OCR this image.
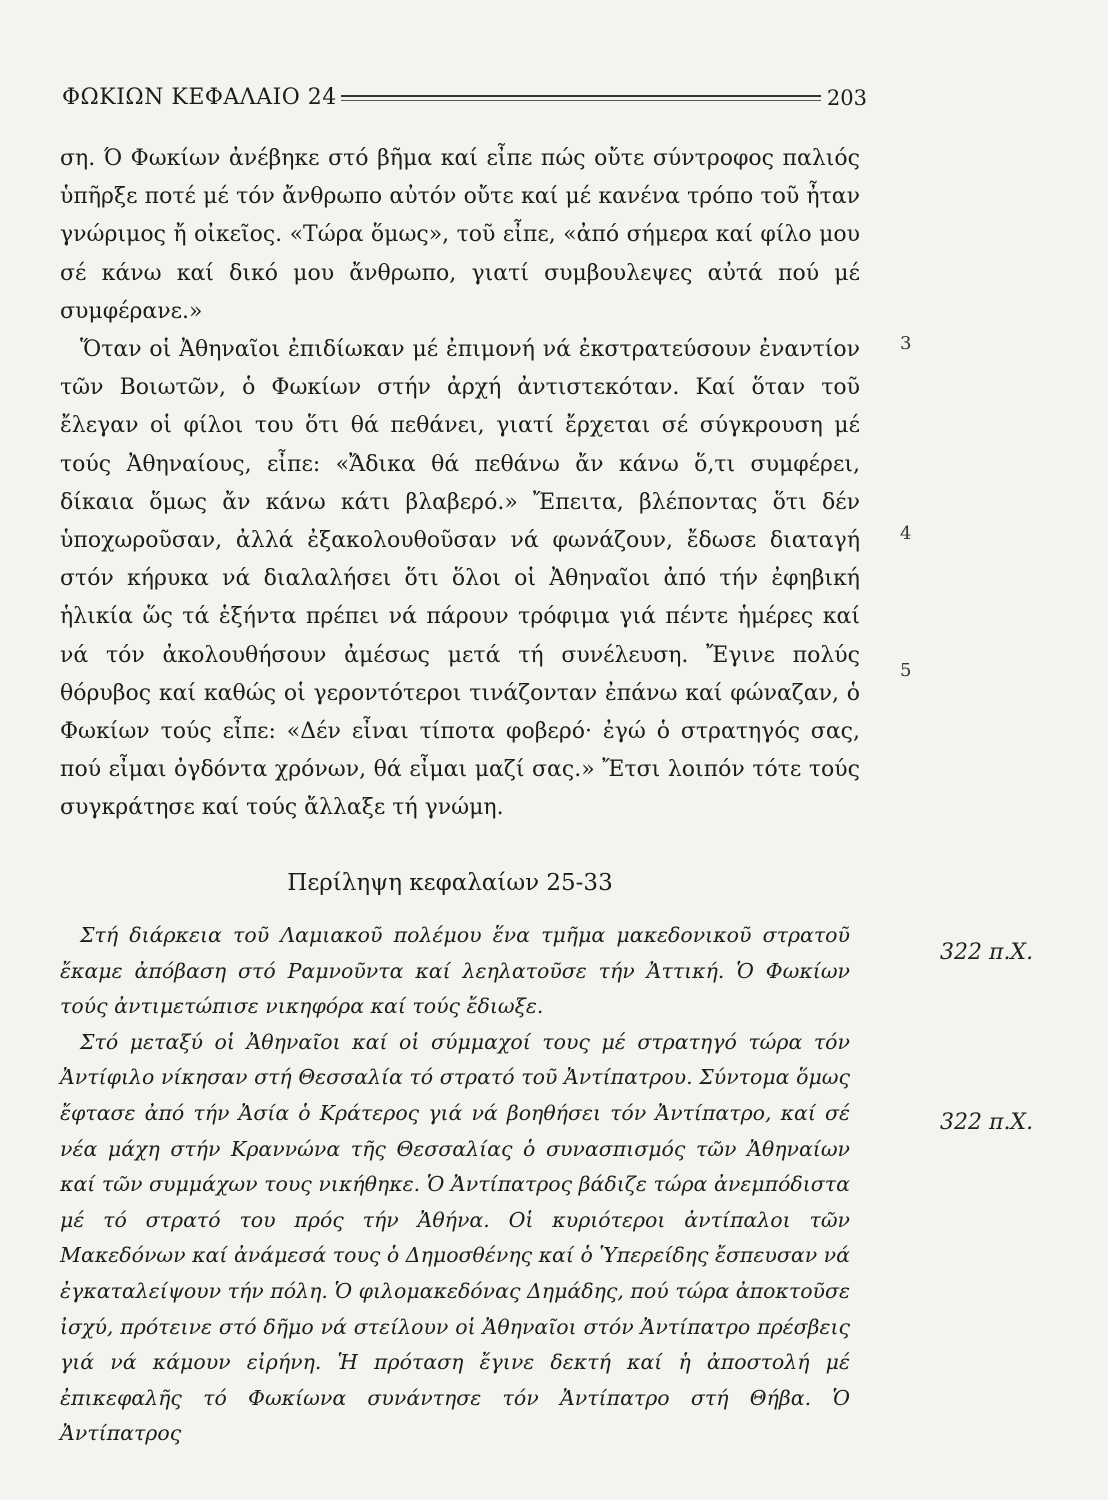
ΦΩΚΙΩΝ ΚΕΦΑΛΑΙΟ 24	203

ση. Ό Φωκίων ἀνέβηκε στό βῆμα καί εἶπε πώς οὔτε σύντροφος παλιός ὑπῆρξε ποτέ μέ τόν ἄνθρωπο αὐτόν οὔτε καί μέ κανένα τρόπο τοῦ ἦταν γνώριμος ἤ οἰκεῖος. «Τώρα ὅμως», τοῦ εἶπε, «ἀπό σήμερα καί φίλο μου σέ κάνω καί δικό μου ἄνθρωπο, γιατί συμβουλεψες αὐτά πού μέ συμφέρανε.»

Ὅταν οἱ Ἀθηναῖοι ἐπιδίωκαν μέ ἐπιμονή νά ἐκστρατεύσουν ἐναντίον τῶν Βοιωτῶν, ὁ Φωκίων στήν ἀρχή ἀντιστεκόταν. Καί ὅταν τοῦ ἔλεγαν οἱ φίλοι του ὅτι θά πεθάνει, γιατί ἔρχεται σέ σύγκρουση μέ τούς Ἀθηναίους, εἶπε: «Ἄδικα θά πεθάνω ἄν κάνω ὅ,τι συμφέρει, δίκαια ὅμως ἄν κάνω κάτι βλαβερό.» Ἔπειτα, βλέποντας ὅτι δέν ὑποχωροῦσαν, ἀλλά ἐξακολουθοῦσαν νά φωνάζουν, ἔδωσε διαταγή στόν κήρυκα νά διαλαλήσει ὅτι ὅλοι οἱ Ἀθηναῖοι ἀπό τήν ἐφηβική ἡλικία ὥς τά ἑξήντα πρέπει νά πάρουν τρόφιμα γιά πέντε ἡμέρες καί νά τόν ἀκολουθήσουν ἀμέσως μετά τή συνέλευση. Ἔγινε πολύς θόρυβος καί καθώς οἱ γεροντότεροι τινάζονταν ἐπάνω καί φώναζαν, ὁ Φωκίων τούς εἶπε: «Δέν εἶναι τίποτα φοβερό· ἐγώ ὁ στρατηγός σας, πού εἶμαι ὀγδόντα χρόνων, θά εἶμαι μαζί σας.» Ἔτσι λοιπόν τότε τούς συγκράτησε καί τούς ἄλλαξε τή γνώμη.

3
4
5
Περίληψη κεφαλαίων 25-33

Στή διάρκεια τοῦ Λαμιακοῦ πολέμου ἕνα τμῆμα μακεδονικοῦ στρατοῦ ἔκαμε ἀπόβαση στό Ραμνοῦντα καί λεηλατοῦσε τήν Ἀττική. Ὁ Φωκίων τούς ἀντιμετώπισε νικηφόρα καί τούς ἔδιωξε.

Στό μεταξύ οἱ Ἀθηναῖοι καί οἱ σύμμαχοί τους μέ στρατηγό τώρα τόν Ἀντίφιλο νίκησαν στή Θεσσαλία τό στρατό τοῦ Ἀντίπατρου. Σύντομα ὅμως ἔφτασε ἀπό τήν Ἀσία ὁ Κράτερος γιά νά βοηθήσει τόν Ἀντίπατρο, καί σέ νέα μάχη στήν Κραννώνα τῆς Θεσσαλίας ὁ συνασπισμός τῶν Ἀθηναίων καί τῶν συμμάχων τους νικήθηκε. Ὁ Ἀντίπατρος βάδιζε τώρα ἀνεμπόδιστα μέ τό στρατό του πρός τήν Ἀθήνα. Οἱ κυριότεροι ἀντίπαλοι τῶν Μακεδόνων καί ἀνάμεσά τους ὁ Δημοσθένης καί ὁ Ὑπερείδης ἔσπευσαν νά ἐγκαταλείψουν τήν πόλη. Ὁ φιλομακεδόνας Δημάδης, πού τώρα ἀποκτοῦσε ἰσχύ, πρότεινε στό δῆμο νά στείλουν οἱ Ἀθηναῖοι στόν Ἀντίπατρο πρέσβεις γιά νά κάμουν εἰρήνη. Ἡ πρόταση ἔγινε δεκτή καί ἡ ἀποστολή μέ ἐπικεφαλῆς τό Φωκίωνα συνάντησε τόν Ἀντίπατρο στή Θήβα. Ὁ Ἀντίπατρος

322 π.Χ.
322 π.Χ.
